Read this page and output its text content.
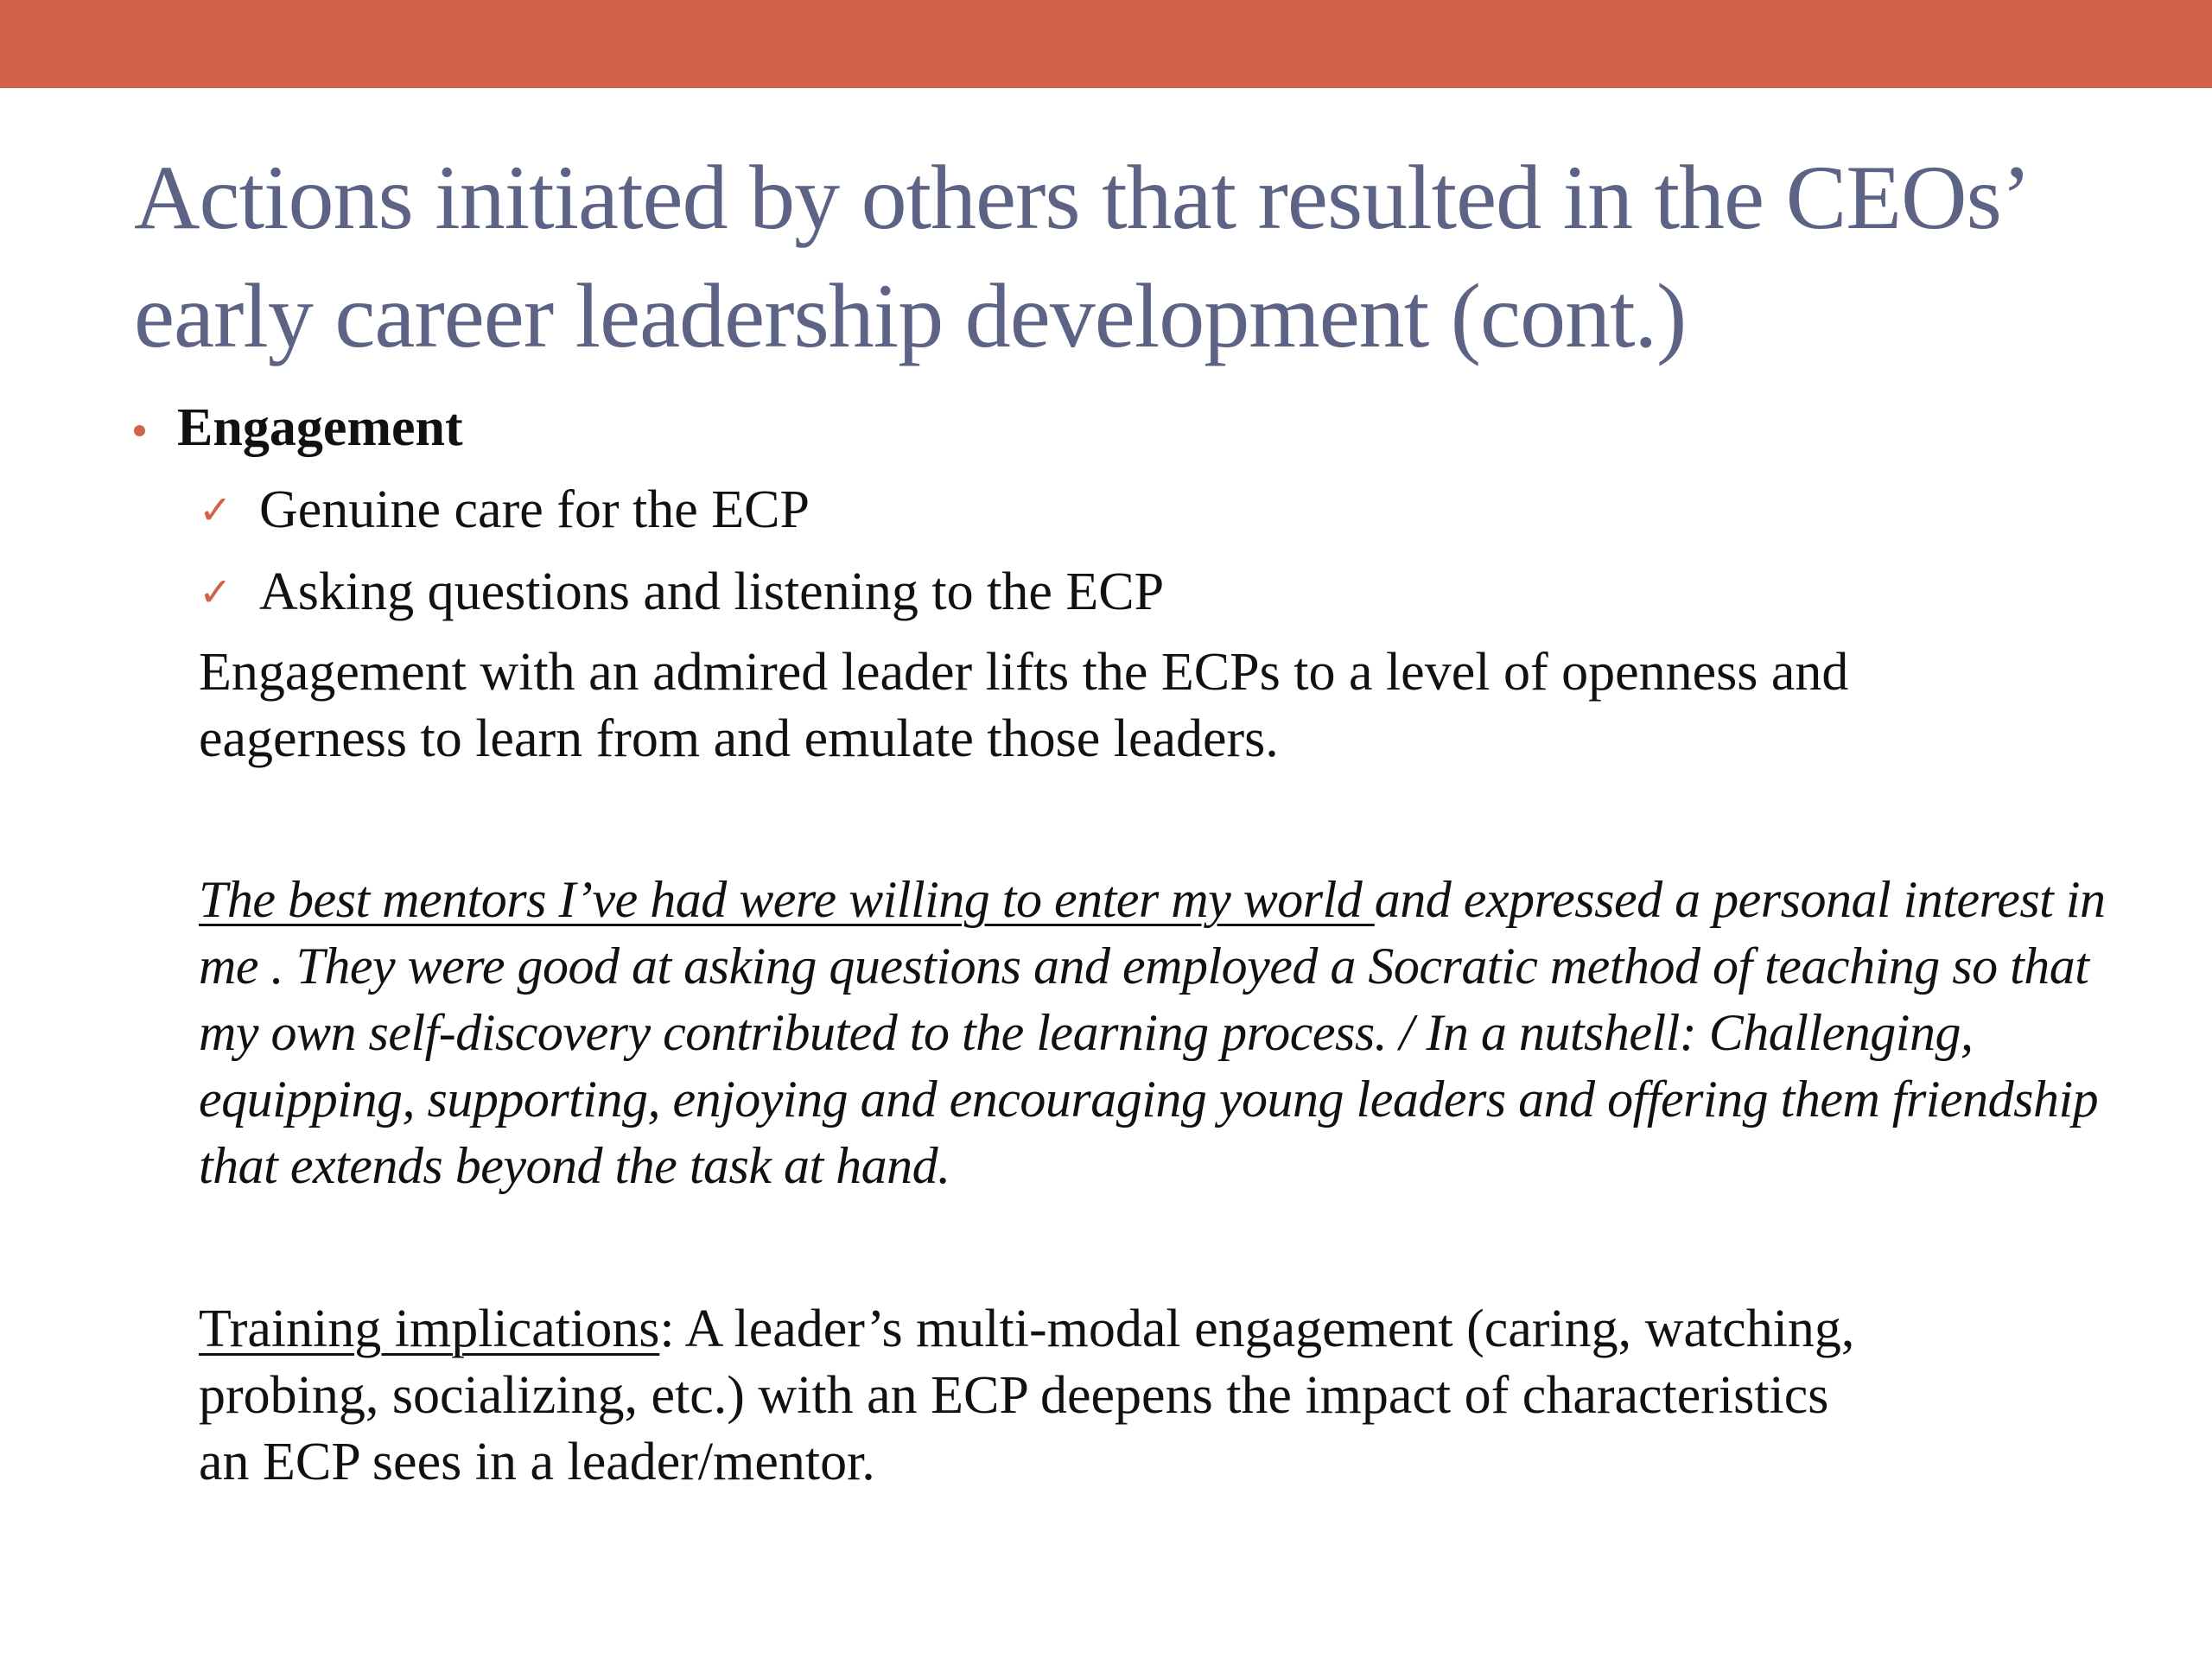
Actions initiated by others that resulted in the CEOs’
early career leadership development (cont.)
Engagement
✓ Genuine care for the ECP
✓ Asking questions and listening to the ECP

Engagement with an admired leader lifts the ECPs to a level of openness and
eagerness to learn from and emulate those leaders.

The best mentors I’ve had were willing to enter my world and expressed a personal interest in
me . They were good at asking questions and employed a Socratic method of teaching so that
my own self-discovery contributed to the learning process. / In a nutshell: Challenging,
equipping, supporting, enjoying and encouraging young leaders and offering them friendship
that extends beyond the task at hand.

Training implications: A leader’s multi-modal engagement (caring, watching,
probing, socializing, etc.) with an ECP deepens the impact of characteristics
an ECP sees in a leader/mentor.
